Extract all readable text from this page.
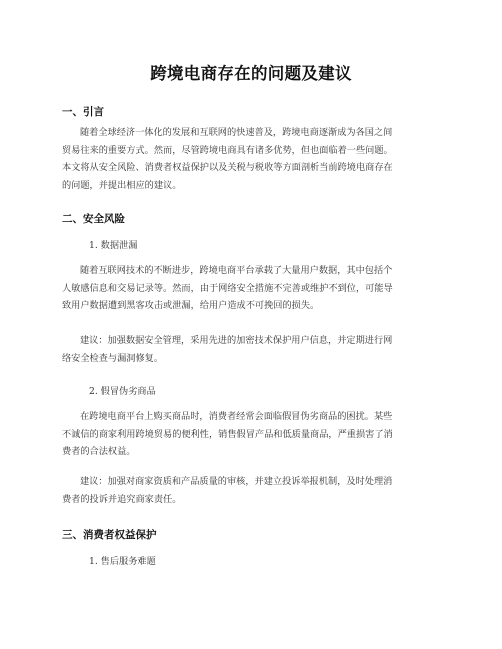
跨境电商存在的问题及建议
一、引言
随着全球经济一体化的发展和互联网的快速普及，跨境电商逐渐成为各国之间
贸易往来的重要方式。然而，尽管跨境电商具有诸多优势，但也面临着一些问题。
本文将从安全风险、消费者权益保护以及关税与税收等方面剖析当前跨境电商存在
的问题，并提出相应的建议。
二、安全风险
1. 数据泄漏
随着互联网技术的不断进步，跨境电商平台承载了大量用户数据，其中包括个
人敏感信息和交易记录等。然而，由于网络安全措施不完善或维护不到位，可能导
致用户数据遭到黑客攻击或泄漏，给用户造成不可挽回的损失。
建议：加强数据安全管理，采用先进的加密技术保护用户信息，并定期进行网
络安全检查与漏洞修复。
2. 假冒伪劣商品
在跨境电商平台上购买商品时，消费者经常会面临假冒伪劣商品的困扰。某些
不诚信的商家利用跨境贸易的便利性，销售假冒产品和低质量商品，严重损害了消
费者的合法权益。
建议：加强对商家资质和产品质量的审核，并建立投诉举报机制，及时处理消
费者的投诉并追究商家责任。
三、消费者权益保护
1. 售后服务难题
